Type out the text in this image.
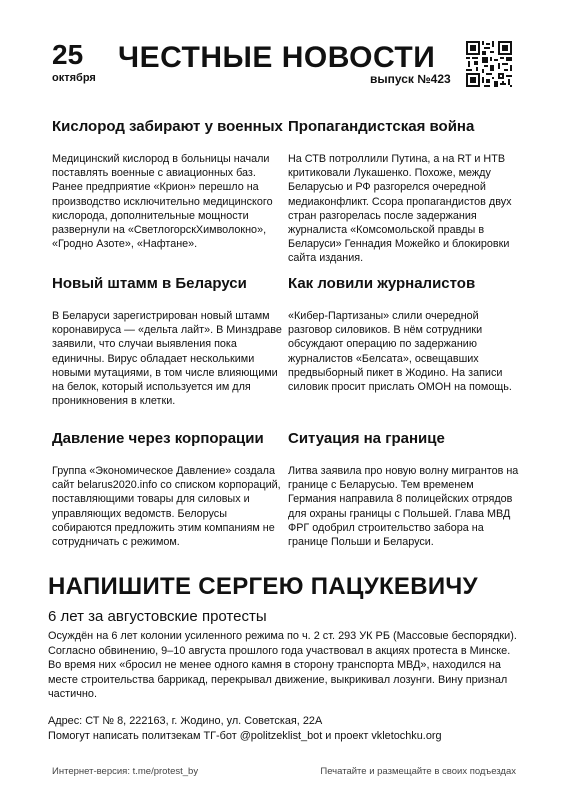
25
октября
ЧЕСТНЫЕ НОВОСТИ
выпуск №423
Кислород забирают у военных

Медицинский кислород в больницы начали поставлять военные с авиационных баз. Ранее предприятие «Крион» перешло на производство исключительно медицинского кислорода, дополнительные мощности развернули на «СветлогорскХимволокно», «Гродно Азоте», «Нафтане».

Пропагандистская война

На СТВ потроллили Путина, а на RT и НТВ критиковали Лукашенко. Похоже, между Беларусью и РФ разгорелся очередной медиаконфликт. Ссора пропагандистов двух стран разгорелась после задержания журналиста «Комсомольской правды в Беларуси» Геннадия Можейко и блокировки сайта издания.

Новый штамм в Беларуси

В Беларуси зарегистрирован новый штамм коронавируса — «дельта лайт». В Минздраве заявили, что случаи выявления пока единичны. Вирус обладает несколькими новыми мутациями, в том числе влияющими на белок, который используется им для проникновения в клетки.

Как ловили журналистов

«Кибер-Партизаны» слили очередной разговор силовиков. В нём сотрудники обсуждают операцию по задержанию журналистов «Белсата», освещавших предвыборный пикет в Жодино. На записи силовик просит прислать ОМОН на помощь.

Давление через корпорации

Группа «Экономическое Давление» создала сайт belarus2020.info со списком корпораций, поставляющими товары для силовых и управляющих ведомств. Белорусы собираются предложить этим компаниям не сотрудничать с режимом.

Ситуация на границе

Литва заявила про новую волну мигрантов на границе с Беларусью. Тем временем Германия направила 8 полицейских отрядов для охраны границы с Польшей. Глава МВД ФРГ одобрил строительство забора на границе Польши и Беларуси.

НАПИШИТЕ СЕРГЕЮ ПАЦУКЕВИЧУ
6 лет за августовские протесты
Осуждён на 6 лет колонии усиленного режима по ч. 2 ст. 293 УК РБ (Массовые беспорядки). Согласно обвинению, 9–10 августа прошлого года участвовал в акциях протеста в Минске. Во время них «бросил не менее одного камня в сторону транспорта МВД», находился на месте строительства баррикад, перекрывал движение, выкрикивал лозунги. Вину признал частично.
Адрес: СТ № 8, 222163, г. Жодино, ул. Советская, 22А
Помогут написать политзекам ТГ-бот @politzeklist_bot и проект vkletochku.org
Интернет-версия: t.me/protest_by	Печатайте и размещайте в своих подъездах
